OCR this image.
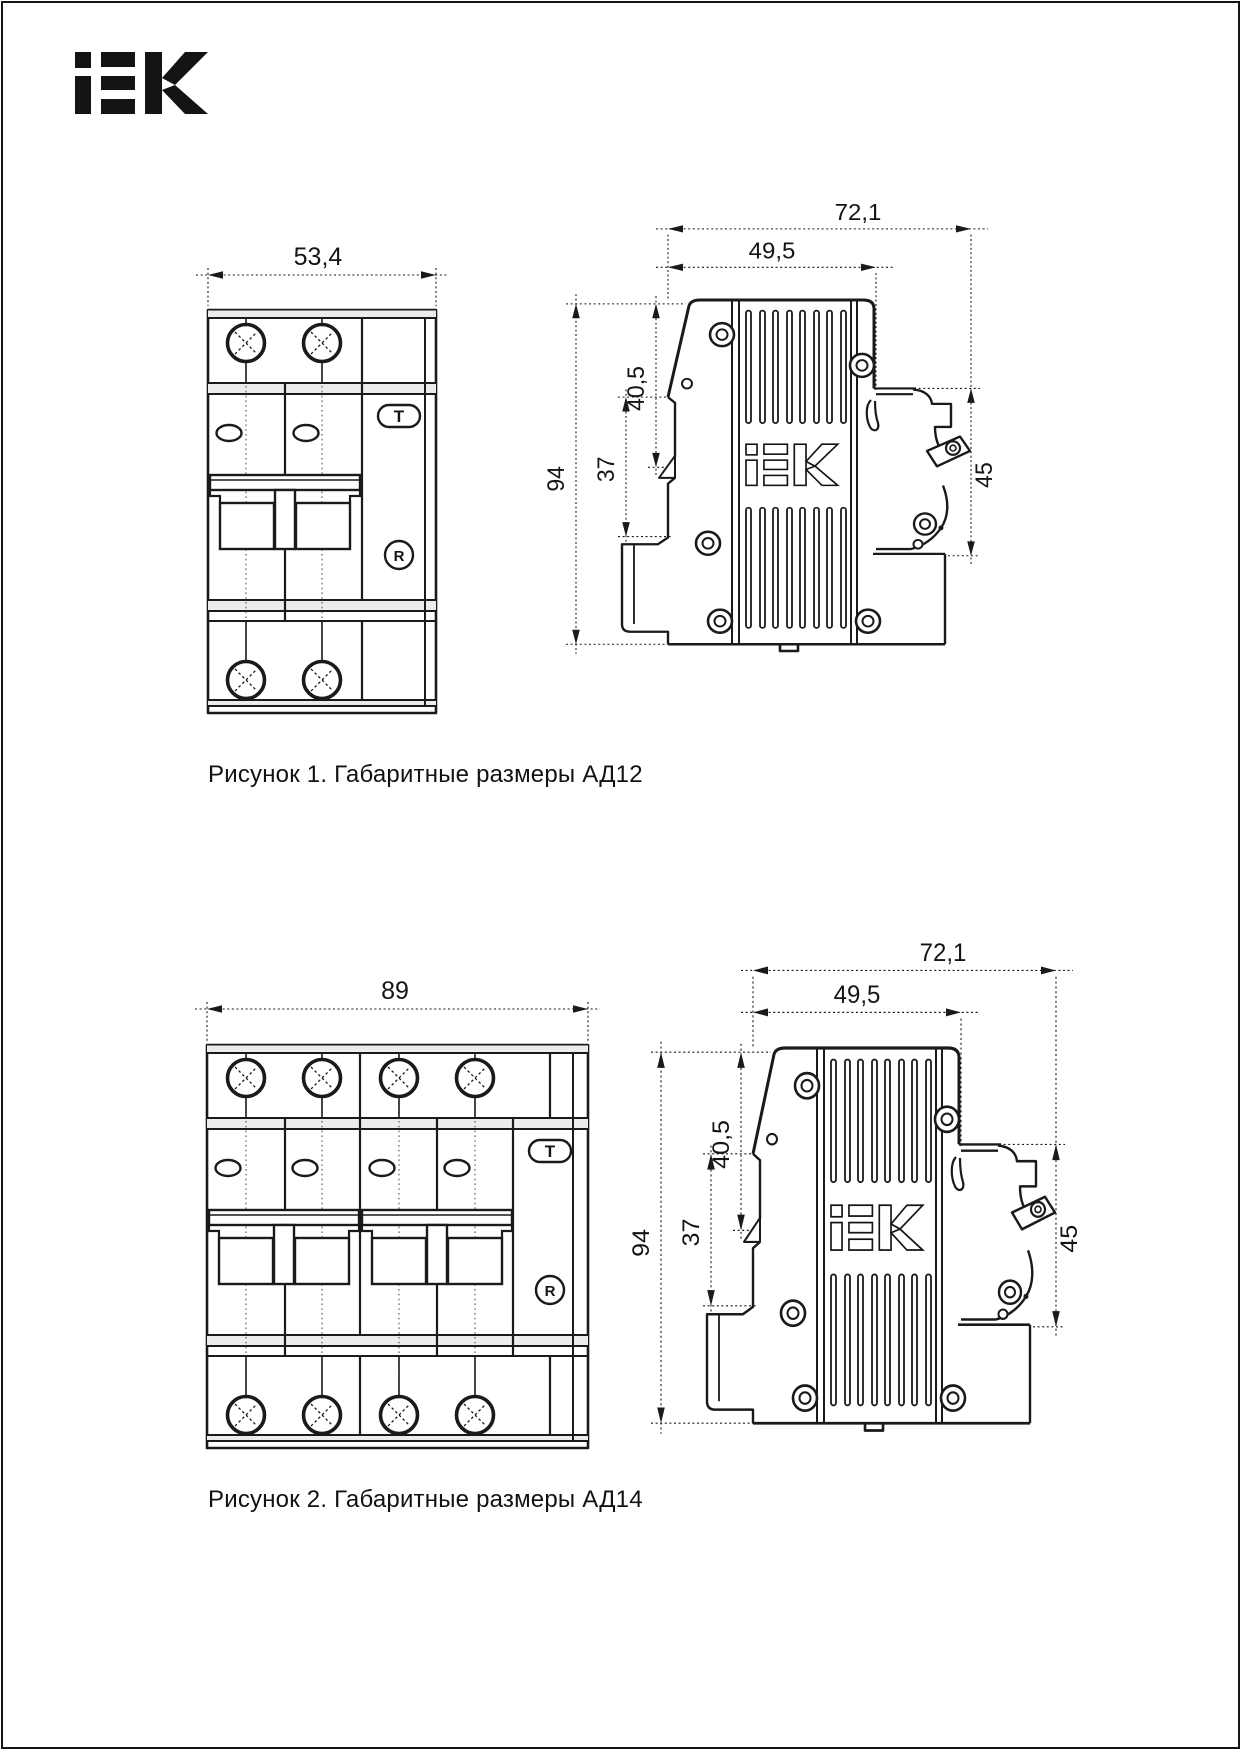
53,4
T
R
72,1
49,5
94
40,5
37	45
Рисунок 1. Габаритные размеры АД12
89
T
R
72,1
49,5
94
40,5
37	45
Рисунок 2. Габаритные размеры АД14
